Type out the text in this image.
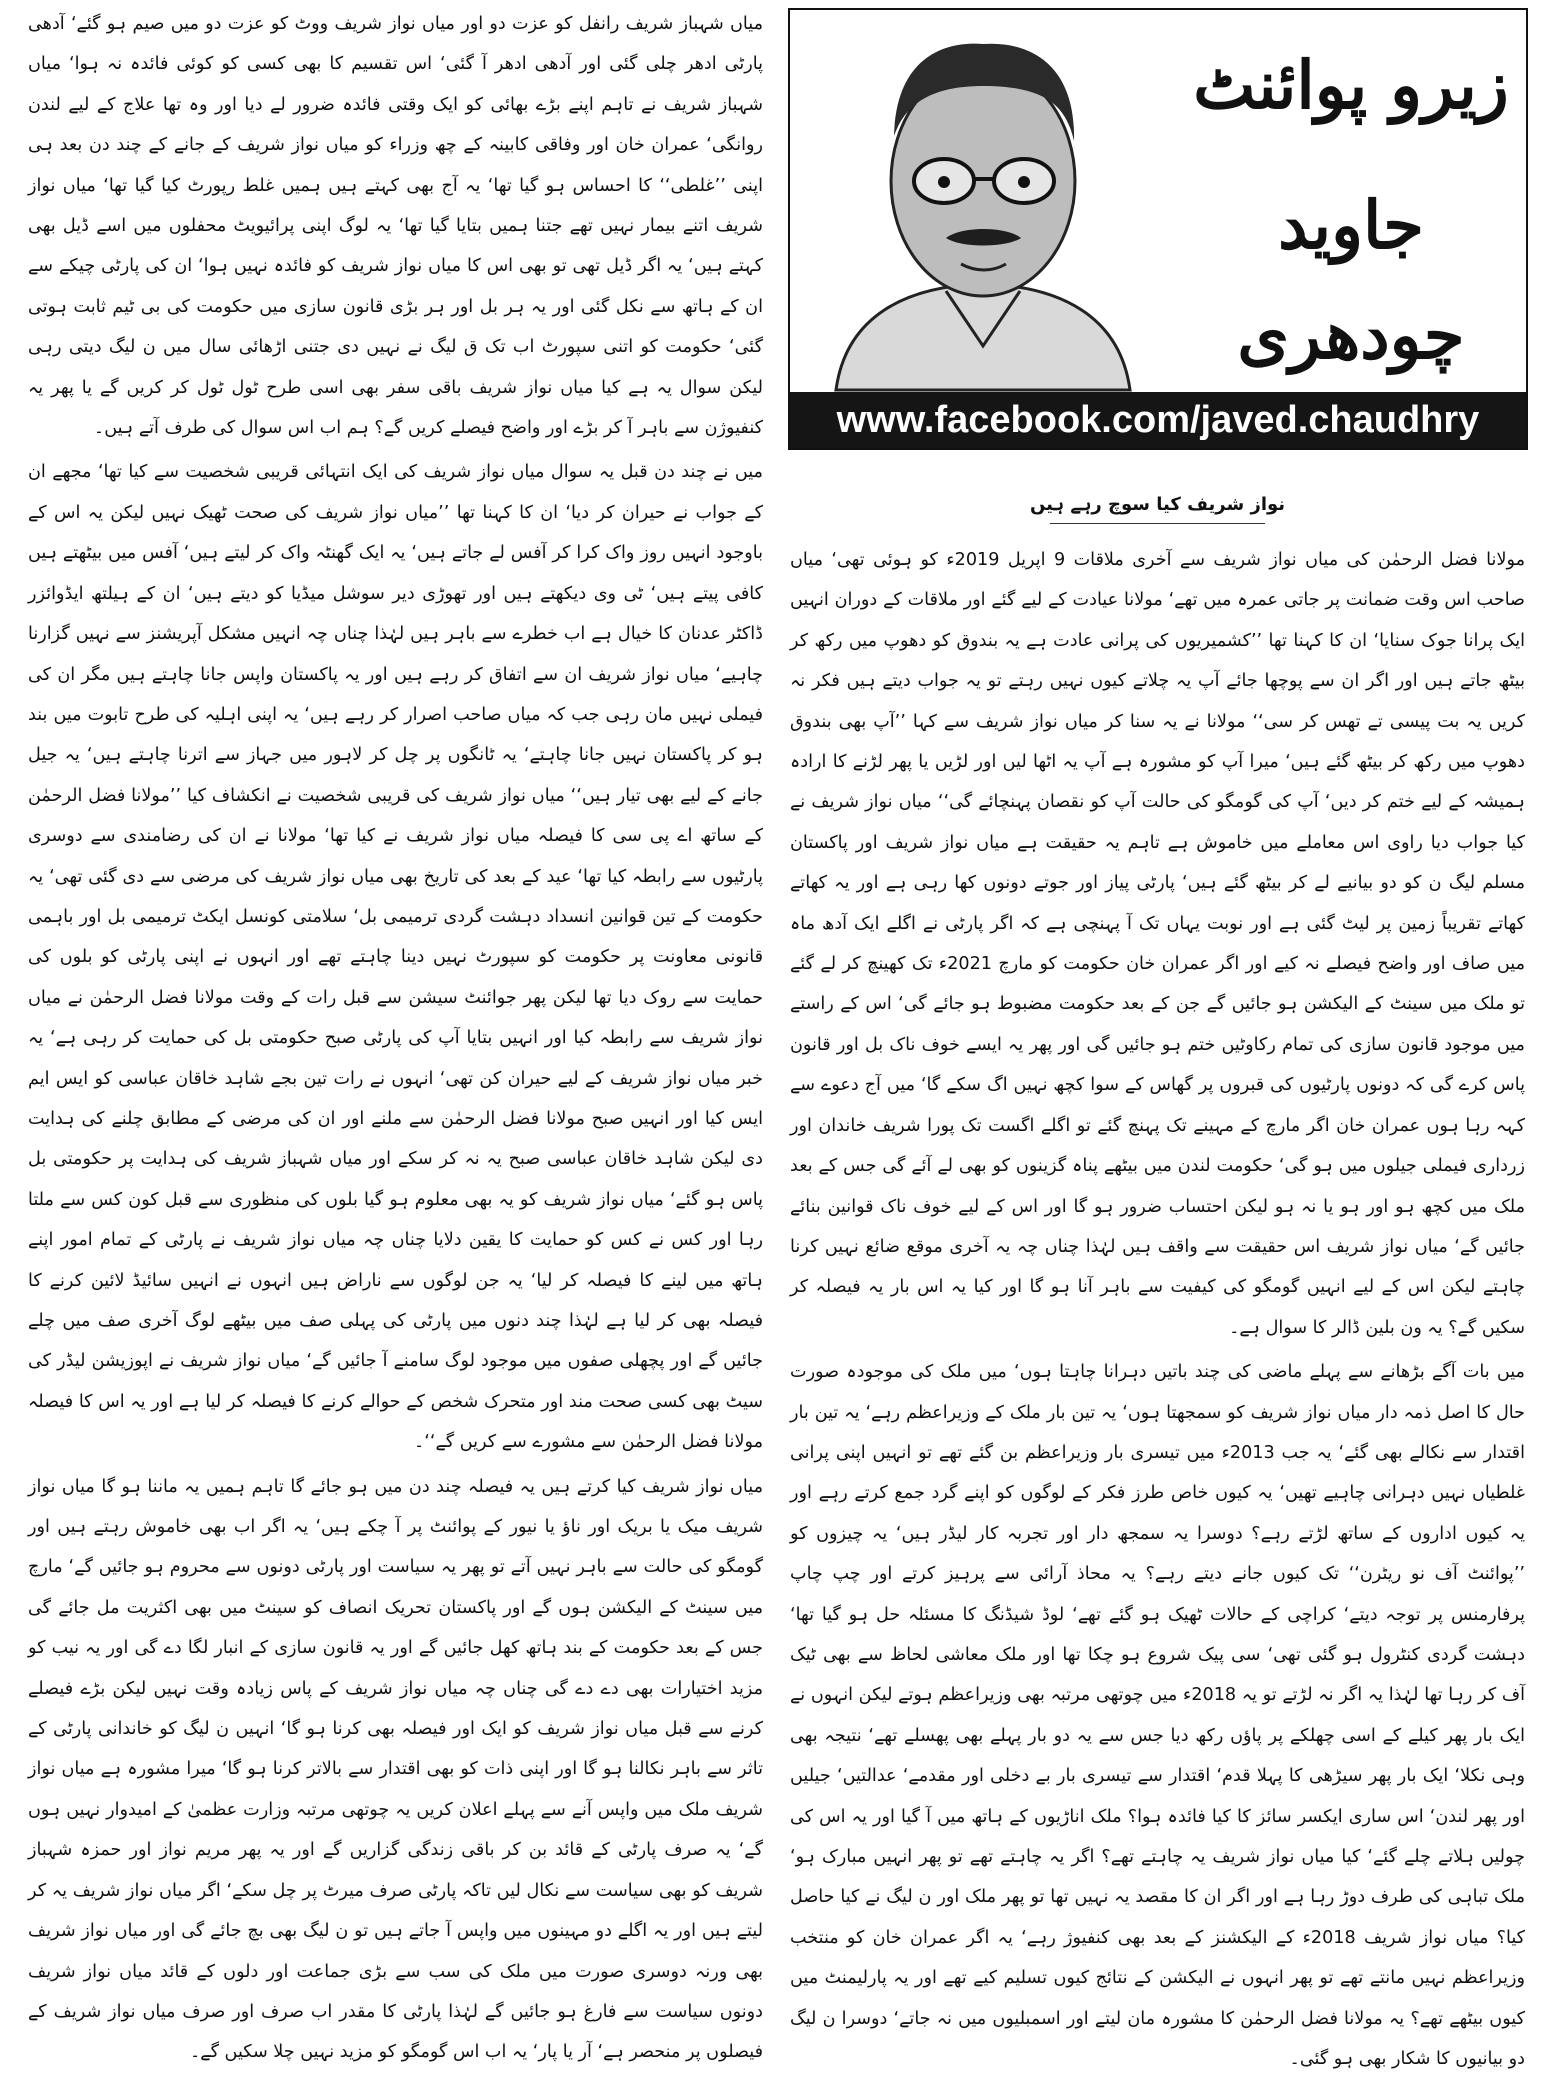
میاں شہباز شریف رانفل کو عزت دو اور میاں نواز شریف ووٹ کو عزت دو میں صیم ہو گئے‘ آدھی پارٹی ادھر چلی گئی اور آدھی ادھر آ گئی‘ اس تقسیم کا بھی کسی کو کوئی فائدہ نہ ہوا‘ میاں شہباز شریف نے تاہم اپنے بڑے بھائی کو ایک وقتی فائدہ ضرور لے دیا اور وہ تھا علاج کے لیے لندن روانگی‘ عمران خان اور وفاقی کابینہ کے چھ وزراء کو میاں نواز شریف کے جانے کے چند دن بعد ہی اپنی ’’غلطی‘‘ کا احساس ہو گیا تھا‘ یہ آج بھی کہتے ہیں ہمیں غلط رپورٹ کیا گیا تھا‘ میاں نواز شریف اتنے بیمار نہیں تھے جتنا ہمیں بتایا گیا تھا‘ یہ لوگ اپنی پرائیویٹ محفلوں میں اسے ڈیل بھی کہتے ہیں‘ یہ اگر ڈیل تھی تو بھی اس کا میاں نواز شریف کو فائدہ نہیں ہوا‘ ان کی پارٹی چیکے سے ان کے ہاتھ سے نکل گئی اور یہ ہر بل اور ہر بڑی قانون سازی میں حکومت کی بی ٹیم ثابت ہوتی گئی‘ حکومت کو اتنی سپورٹ اب تک ق لیگ نے نہیں دی جتنی اڑھائی سال میں ن لیگ دیتی رہی لیکن سوال یہ ہے کیا میاں نواز شریف باقی سفر بھی اسی طرح ٹول ٹول کر کریں گے یا پھر یہ کنفیوژن سے باہر آ کر بڑے اور واضح فیصلے کریں گے؟ ہم اب اس سوال کی طرف آتے ہیں۔

میں نے چند دن قبل یہ سوال میاں نواز شریف کی ایک انتہائی قریبی شخصیت سے کیا تھا‘ مجھے ان کے جواب نے حیران کر دیا‘ ان کا کہنا تھا ’’میاں نواز شریف کی صحت ٹھیک نہیں لیکن یہ اس کے باوجود انہیں روز واک کرا کر آفس لے جاتے ہیں‘ یہ ایک گھنٹہ واک کر لیتے ہیں‘ آفس میں بیٹھتے ہیں کافی پیتے ہیں‘ ٹی وی دیکھتے ہیں اور تھوڑی دیر سوشل میڈیا کو دیتے ہیں‘ ان کے ہیلتھ ایڈوائزر ڈاکٹر عدنان کا خیال ہے اب خطرے سے باہر ہیں لہٰذا چناں چہ انہیں مشکل آپریشنز سے نہیں گزارنا چاہیے‘ میاں نواز شریف ان سے اتفاق کر رہے ہیں اور یہ پاکستان واپس جانا چاہتے ہیں مگر ان کی فیملی نہیں مان رہی جب کہ میاں صاحب اصرار کر رہے ہیں‘ یہ اپنی اہلیہ کی طرح تابوت میں بند ہو کر پاکستان نہیں جانا چاہتے‘ یہ ٹانگوں پر چل کر لاہور میں جہاز سے اترنا چاہتے ہیں‘ یہ جیل جانے کے لیے بھی تیار ہیں‘‘ میاں نواز شریف کی قریبی شخصیت نے انکشاف کیا ’’مولانا فضل الرحمٰن کے ساتھ اے پی سی کا فیصلہ میاں نواز شریف نے کیا تھا‘ مولانا نے ان کی رضامندی سے دوسری پارٹیوں سے رابطہ کیا تھا‘ عید کے بعد کی تاریخ بھی میاں نواز شریف کی مرضی سے دی گئی تھی‘ یہ حکومت کے تین قوانین انسداد دہشت گردی ترمیمی بل‘ سلامتی کونسل ایکٹ ترمیمی بل اور باہمی قانونی معاونت پر حکومت کو سپورٹ نہیں دینا چاہتے تھے اور انہوں نے اپنی پارٹی کو بلوں کی حمایت سے روک دیا تھا لیکن پھر جوائنٹ سیشن سے قبل رات کے وقت مولانا فضل الرحمٰن نے میاں نواز شریف سے رابطہ کیا اور انہیں بتایا آپ کی پارٹی صبح حکومتی بل کی حمایت کر رہی ہے‘ یہ خبر میاں نواز شریف کے لیے حیران کن تھی‘ انہوں نے رات تین بجے شاہد خاقان عباسی کو ایس ایم ایس کیا اور انہیں صبح مولانا فضل الرحمٰن سے ملنے اور ان کی مرضی کے مطابق چلنے کی ہدایت دی لیکن شاہد خاقان عباسی صبح یہ نہ کر سکے اور میاں شہباز شریف کی ہدایت پر حکومتی بل پاس ہو گئے‘ میاں نواز شریف کو یہ بھی معلوم ہو گیا بلوں کی منظوری سے قبل کون کس سے ملتا رہا اور کس نے کس کو حمایت کا یقین دلایا چناں چہ میاں نواز شریف نے پارٹی کے تمام امور اپنے ہاتھ میں لینے کا فیصلہ کر لیا‘ یہ جن لوگوں سے ناراض ہیں انہوں نے انہیں سائیڈ لائین کرنے کا فیصلہ بھی کر لیا ہے لہٰذا چند دنوں میں پارٹی کی پہلی صف میں بیٹھے لوگ آخری صف میں چلے جائیں گے اور پچھلی صفوں میں موجود لوگ سامنے آ جائیں گے‘ میاں نواز شریف نے اپوزیشن لیڈر کی سیٹ بھی کسی صحت مند اور متحرک شخص کے حوالے کرنے کا فیصلہ کر لیا ہے اور یہ اس کا فیصلہ مولانا فضل الرحمٰن سے مشورے سے کریں گے‘‘۔

میاں نواز شریف کیا کرتے ہیں یہ فیصلہ چند دن میں ہو جائے گا تاہم ہمیں یہ ماننا ہو گا میاں نواز شریف میک یا بریک اور ناؤ یا نیور کے پوائنٹ پر آ چکے ہیں‘ یہ اگر اب بھی خاموش رہتے ہیں اور گومگو کی حالت سے باہر نہیں آتے تو پھر یہ سیاست اور پارٹی دونوں سے محروم ہو جائیں گے‘ مارچ میں سینٹ کے الیکشن ہوں گے اور پاکستان تحریک انصاف کو سینٹ میں بھی اکثریت مل جائے گی جس کے بعد حکومت کے بند ہاتھ کھل جائیں گے اور یہ قانون سازی کے انبار لگا دے گی اور یہ نیب کو مزید اختیارات بھی دے دے گی چناں چہ میاں نواز شریف کے پاس زیادہ وقت نہیں لیکن بڑے فیصلے کرنے سے قبل میاں نواز شریف کو ایک اور فیصلہ بھی کرنا ہو گا‘ انہیں ن لیگ کو خاندانی پارٹی کے تاثر سے باہر نکالنا ہو گا اور اپنی ذات کو بھی اقتدار سے بالاتر کرنا ہو گا‘ میرا مشورہ ہے میاں نواز شریف ملک میں واپس آنے سے پہلے اعلان کریں یہ چوتھی مرتبہ وزارت عظمیٰ کے امیدوار نہیں ہوں گے‘ یہ صرف پارٹی کے قائد بن کر باقی زندگی گزاریں گے اور یہ پھر مریم نواز اور حمزہ شہباز شریف کو بھی سیاست سے نکال لیں تاکہ پارٹی صرف میرٹ پر چل سکے‘ اگر میاں نواز شریف یہ کر لیتے ہیں اور یہ اگلے دو مہینوں میں واپس آ جاتے ہیں تو ن لیگ بھی بچ جائے گی اور میاں نواز شریف بھی ورنہ دوسری صورت میں ملک کی سب سے بڑی جماعت اور دلوں کے قائد میاں نواز شریف دونوں سیاست سے فارغ ہو جائیں گے لہٰذا پارٹی کا مقدر اب صرف اور صرف میاں نواز شریف کے فیصلوں پر منحصر ہے‘ آر یا پار‘ یہ اب اس گومگو کو مزید نہیں چلا سکیں گے۔

زیرو پوائنٹ
جاوید چودھری
www.facebook.com/javed.chaudhry
نواز شریف کیا سوچ رہے ہیں

مولانا فضل الرحمٰن کی میاں نواز شریف سے آخری ملاقات 9 اپریل 2019ء کو ہوئی تھی‘ میاں صاحب اس وقت ضمانت پر جاتی عمرہ میں تھے‘ مولانا عیادت کے لیے گئے اور ملاقات کے دوران انہیں ایک پرانا جوک سنایا‘ ان کا کہنا تھا ’’کشمیریوں کی پرانی عادت ہے یہ بندوق کو دھوپ میں رکھ کر بیٹھ جاتے ہیں اور اگر ان سے پوچھا جائے آپ یہ چلاتے کیوں نہیں رہتے تو یہ جواب دیتے ہیں فکر نہ کریں یہ بت پیسی تے تھس کر سی‘‘ مولانا نے یہ سنا کر میاں نواز شریف سے کہا ’’آپ بھی بندوق دھوپ میں رکھ کر بیٹھ گئے ہیں‘ میرا آپ کو مشورہ ہے آپ یہ اٹھا لیں اور لڑیں یا پھر لڑنے کا ارادہ ہمیشہ کے لیے ختم کر دیں‘ آپ کی گومگو کی حالت آپ کو نقصان پہنچائے گی‘‘ میاں نواز شریف نے کیا جواب دیا راوی اس معاملے میں خاموش ہے تاہم یہ حقیقت ہے میاں نواز شریف اور پاکستان مسلم لیگ ن کو دو بیانیے لے کر بیٹھ گئے ہیں‘ پارٹی پیاز اور جوتے دونوں کھا رہی ہے اور یہ کھاتے کھاتے تقریباً زمین پر لیٹ گئی ہے اور نوبت یہاں تک آ پہنچی ہے کہ اگر پارٹی نے اگلے ایک آدھ ماہ میں صاف اور واضح فیصلے نہ کیے اور اگر عمران خان حکومت کو مارچ 2021ء تک کھینچ کر لے گئے تو ملک میں سینٹ کے الیکشن ہو جائیں گے جن کے بعد حکومت مضبوط ہو جائے گی‘ اس کے راستے میں موجود قانون سازی کی تمام رکاوٹیں ختم ہو جائیں گی اور پھر یہ ایسے خوف ناک بل اور قانون پاس کرے گی کہ دونوں پارٹیوں کی قبروں پر گھاس کے سوا کچھ نہیں اگ سکے گا‘ میں آج دعوے سے کہہ رہا ہوں عمران خان اگر مارچ کے مہینے تک پہنچ گئے تو اگلے اگست تک پورا شریف خاندان اور زرداری فیملی جیلوں میں ہو گی‘ حکومت لندن میں بیٹھے پناہ گزینوں کو بھی لے آئے گی جس کے بعد ملک میں کچھ ہو اور ہو یا نہ ہو لیکن احتساب ضرور ہو گا اور اس کے لیے خوف ناک قوانین بنائے جائیں گے‘ میاں نواز شریف اس حقیقت سے واقف ہیں لہٰذا چناں چہ یہ آخری موقع ضائع نہیں کرنا چاہتے لیکن اس کے لیے انہیں گومگو کی کیفیت سے باہر آنا ہو گا اور کیا یہ اس بار یہ فیصلہ کر سکیں گے؟ یہ ون بلین ڈالر کا سوال ہے۔

میں بات آگے بڑھانے سے پہلے ماضی کی چند باتیں دہرانا چاہتا ہوں‘ میں ملک کی موجودہ صورت حال کا اصل ذمہ دار میاں نواز شریف کو سمجھتا ہوں‘ یہ تین بار ملک کے وزیراعظم رہے‘ یہ تین بار اقتدار سے نکالے بھی گئے‘ یہ جب 2013ء میں تیسری بار وزیراعظم بن گئے تھے تو انہیں اپنی پرانی غلطیاں نہیں دہرانی چاہیے تھیں‘ یہ کیوں خاص طرز فکر کے لوگوں کو اپنے گرد جمع کرتے رہے اور یہ کیوں اداروں کے ساتھ لڑتے رہے؟ دوسرا یہ سمجھ دار اور تجربہ کار لیڈر ہیں‘ یہ چیزوں کو ’’پوائنٹ آف نو ریٹرن‘‘ تک کیوں جانے دیتے رہے؟ یہ محاذ آرائی سے پرہیز کرتے اور چپ چاپ پرفارمنس پر توجہ دیتے‘ کراچی کے حالات ٹھیک ہو گئے تھے‘ لوڈ شیڈنگ کا مسئلہ حل ہو گیا تھا‘ دہشت گردی کنٹرول ہو گئی تھی‘ سی پیک شروع ہو چکا تھا اور ملک معاشی لحاظ سے بھی ٹیک آف کر رہا تھا لہٰذا یہ اگر نہ لڑتے تو یہ 2018ء میں چوتھی مرتبہ بھی وزیراعظم ہوتے لیکن انہوں نے ایک بار پھر کیلے کے اسی چھلکے پر پاؤں رکھ دیا جس سے یہ دو بار پہلے بھی پھسلے تھے‘ نتیجہ بھی وہی نکلا‘ ایک بار پھر سیڑھی کا پہلا قدم‘ اقتدار سے تیسری بار بے دخلی اور مقدمے‘ عدالتیں‘ جیلیں اور پھر لندن‘ اس ساری ایکسر سائز کا کیا فائدہ ہوا؟ ملک اناڑیوں کے ہاتھ میں آ گیا اور یہ اس کی چولیں ہلاتے چلے گئے‘ کیا میاں نواز شریف یہ چاہتے تھے؟ اگر یہ چاہتے تھے تو پھر انہیں مبارک ہو‘ ملک تباہی کی طرف دوڑ رہا ہے اور اگر ان کا مقصد یہ نہیں تھا تو پھر ملک اور ن لیگ نے کیا حاصل کیا؟ میاں نواز شریف 2018ء کے الیکشنز کے بعد بھی کنفیوژ رہے‘ یہ اگر عمران خان کو منتخب وزیراعظم نہیں مانتے تھے تو پھر انہوں نے الیکشن کے نتائج کیوں تسلیم کیے تھے اور یہ پارلیمنٹ میں کیوں بیٹھے تھے؟ یہ مولانا فضل الرحمٰن کا مشورہ مان لیتے اور اسمبلیوں میں نہ جاتے‘ دوسرا ن لیگ دو بیانیوں کا شکار بھی ہو گئی۔
